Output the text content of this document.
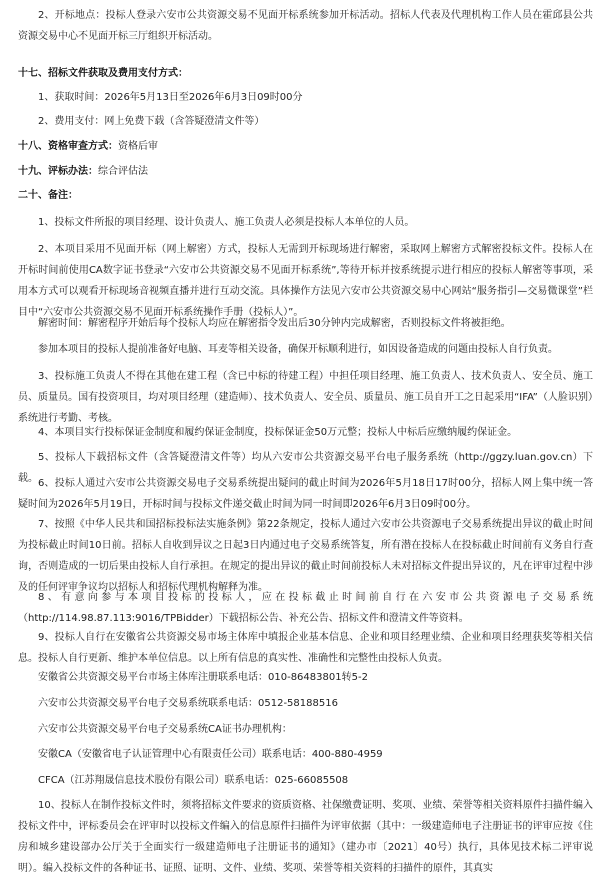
2、开标地点：投标人登录六安市公共资源交易不见面开标系统参加开标活动。招标人代表及代理机构工作人员在霍邱县公共资源交易中心不见面开标三厅组织开标活动。

十七、招标文件获取及费用支付方式：

1、获取时间：2026年5月13日至2026年6月3日09时00分

2、费用支付：网上免费下载（含答疑澄清文件等）

十八、资格审查方式：资格后审

十九、评标办法：综合评估法

二十、备注：

1、投标文件所报的项目经理、设计负责人、施工负责人必须是投标人本单位的人员。

2、本项目采用不见面开标（网上解密）方式，投标人无需到开标现场进行解密，采取网上解密方式解密投标文件。投标人在开标时间前使用CA数字证书登录“六安市公共资源交易不见面开标系统”,等待开标并按系统提示进行相应的投标人解密等事项，采用本方式可以观看开标现场音视频直播并进行互动交流。具体操作方法见六安市公共资源交易中心网站“服务指引—交易微课堂”栏目中“六安市公共资源交易不见面开标系统操作手册（投标人）”。

解密时间：解密程序开始后每个投标人均应在解密指令发出后30分钟内完成解密，否则投标文件将被拒绝。

参加本项目的投标人提前准备好电脑、耳麦等相关设备，确保开标顺利进行，如因设备造成的问题由投标人自行负责。

3、投标施工负责人不得在其他在建工程（含已中标的待建工程）中担任项目经理、施工负责人、技术负责人、安全员、施工员、质量员。国有投资项目，均对项目经理（建造师）、技术负责人、安全员、质量员、施工员自开工之日起采用“IFA”（人脸识别）系统进行考勤、考核。

4、本项目实行投标保证金制度和履约保证金制度，投标保证金50万元整；投标人中标后应缴纳履约保证金。

5、投标人下载招标文件（含答疑澄清文件等）均从六安市公共资源交易平台电子服务系统（http://ggzy.luan.gov.cn）下载。 6、投标人通过六安市公共资源交易电子交易系统提出疑问的截止时间为2026年5月18日17时00分，招标人网上集中统一答疑时间为2026年5月19日，开标时间与投标文件递交截止时间为同一时间即2026年6月3日09时00分。

7、按照《中华人民共和国招标投标法实施条例》第22条规定，投标人通过六安市公共资源电子交易系统提出异议的截止时间为投标截止时间10日前。招标人自收到异议之日起3日内通过电子交易系统答复，所有潜在投标人在投标截止时间前有义务自行查询，否则造成的一切后果由投标人自行承担。在规定的提出异议的截止时间前投标人未对招标文件提出异议的，凡在评审过程中涉及的任何评审争议均以招标人和招标代理机构解释为准。

8、有意向参与本项目投标的投标人，应在投标截止时间前自行在六安市公共资源电子交易系统（http://114.98.87.113:9016/TPBidder）下载招标公告、补充公告、招标文件和澄清文件等资料。

9、投标人自行在安徽省公共资源交易市场主体库中填报企业基本信息、企业和项目经理业绩、企业和项目经理获奖等相关信息。投标人自行更新、维护本单位信息。以上所有信息的真实性、准确性和完整性由投标人负责。

安徽省公共资源交易平台市场主体库注册联系电话：010-86483801转5-2

六安市公共资源交易平台电子交易系统联系电话：0512-58188516

六安市公共资源交易平台电子交易系统CA证书办理机构：

安徽CA（安徽省电子认证管理中心有限责任公司）联系电话：400-880-4959

CFCA（江苏翔晟信息技术股份有限公司）联系电话：025-66085508

10、投标人在制作投标文件时，须将招标文件要求的资质资格、社保缴费证明、奖项、业绩、荣誉等相关资料原件扫描件编入投标文件中，评标委员会在评审时以投标文件编入的信息原件扫描件为评审依据（其中：一级建造师电子注册证书的评审应按《住房和城乡建设部办公厅关于全面实行一级建造师电子注册证书的通知》（建办市〔2021〕40号）执行，具体见技术标二评审说明）。编入投标文件的各种证书、证照、证明、文件、业绩、奖项、荣誉等相关资料的扫描件的原件，其真实
